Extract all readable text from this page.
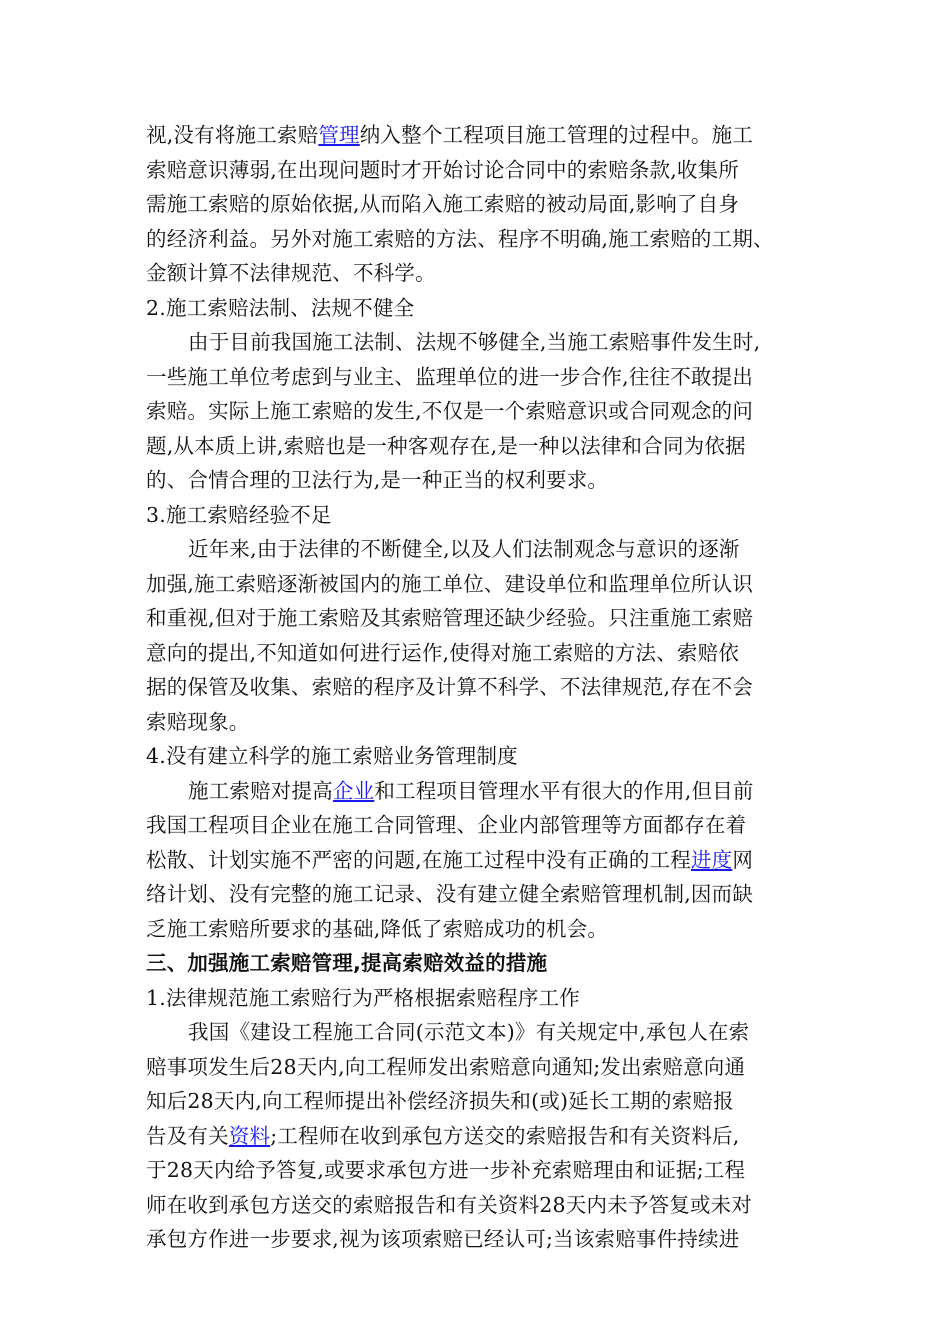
视,没有将施工索赔管理纳入整个工程项目施工管理的过程中。施工
索赔意识薄弱,在出现问题时才开始讨论合同中的索赔条款,收集所
需施工索赔的原始依据,从而陷入施工索赔的被动局面,影响了自身
的经济利益。另外对施工索赔的方法、程序不明确,施工索赔的工期、
金额计算不法律规范、不科学。
2.施工索赔法制、法规不健全
由于目前我国施工法制、法规不够健全,当施工索赔事件发生时,
一些施工单位考虑到与业主、监理单位的进一步合作,往往不敢提出
索赔。实际上施工索赔的发生,不仅是一个索赔意识或合同观念的问
题,从本质上讲,索赔也是一种客观存在,是一种以法律和合同为依据
的、合情合理的卫法行为,是一种正当的权利要求。
3.施工索赔经验不足
近年来,由于法律的不断健全,以及人们法制观念与意识的逐渐
加强,施工索赔逐渐被国内的施工单位、建设单位和监理单位所认识
和重视,但对于施工索赔及其索赔管理还缺少经验。只注重施工索赔
意向的提出,不知道如何进行运作,使得对施工索赔的方法、索赔依
据的保管及收集、索赔的程序及计算不科学、不法律规范,存在不会
索赔现象。
4.没有建立科学的施工索赔业务管理制度
施工索赔对提高企业和工程项目管理水平有很大的作用,但目前
我国工程项目企业在施工合同管理、企业内部管理等方面都存在着
松散、计划实施不严密的问题,在施工过程中没有正确的工程进度网
络计划、没有完整的施工记录、没有建立健全索赔管理机制,因而缺
乏施工索赔所要求的基础,降低了索赔成功的机会。
三、加强施工索赔管理,提高索赔效益的措施
1.法律规范施工索赔行为严格根据索赔程序工作
我国《建设工程施工合同(示范文本)》有关规定中,承包人在索
赔事项发生后28天内,向工程师发出索赔意向通知;发出索赔意向通
知后28天内,向工程师提出补偿经济损失和(或)延长工期的索赔报
告及有关资料;工程师在收到承包方送交的索赔报告和有关资料后,
于28天内给予答复,或要求承包方进一步补充索赔理由和证据;工程
师在收到承包方送交的索赔报告和有关资料28天内未予答复或未对
承包方作进一步要求,视为该项索赔已经认可;当该索赔事件持续进
